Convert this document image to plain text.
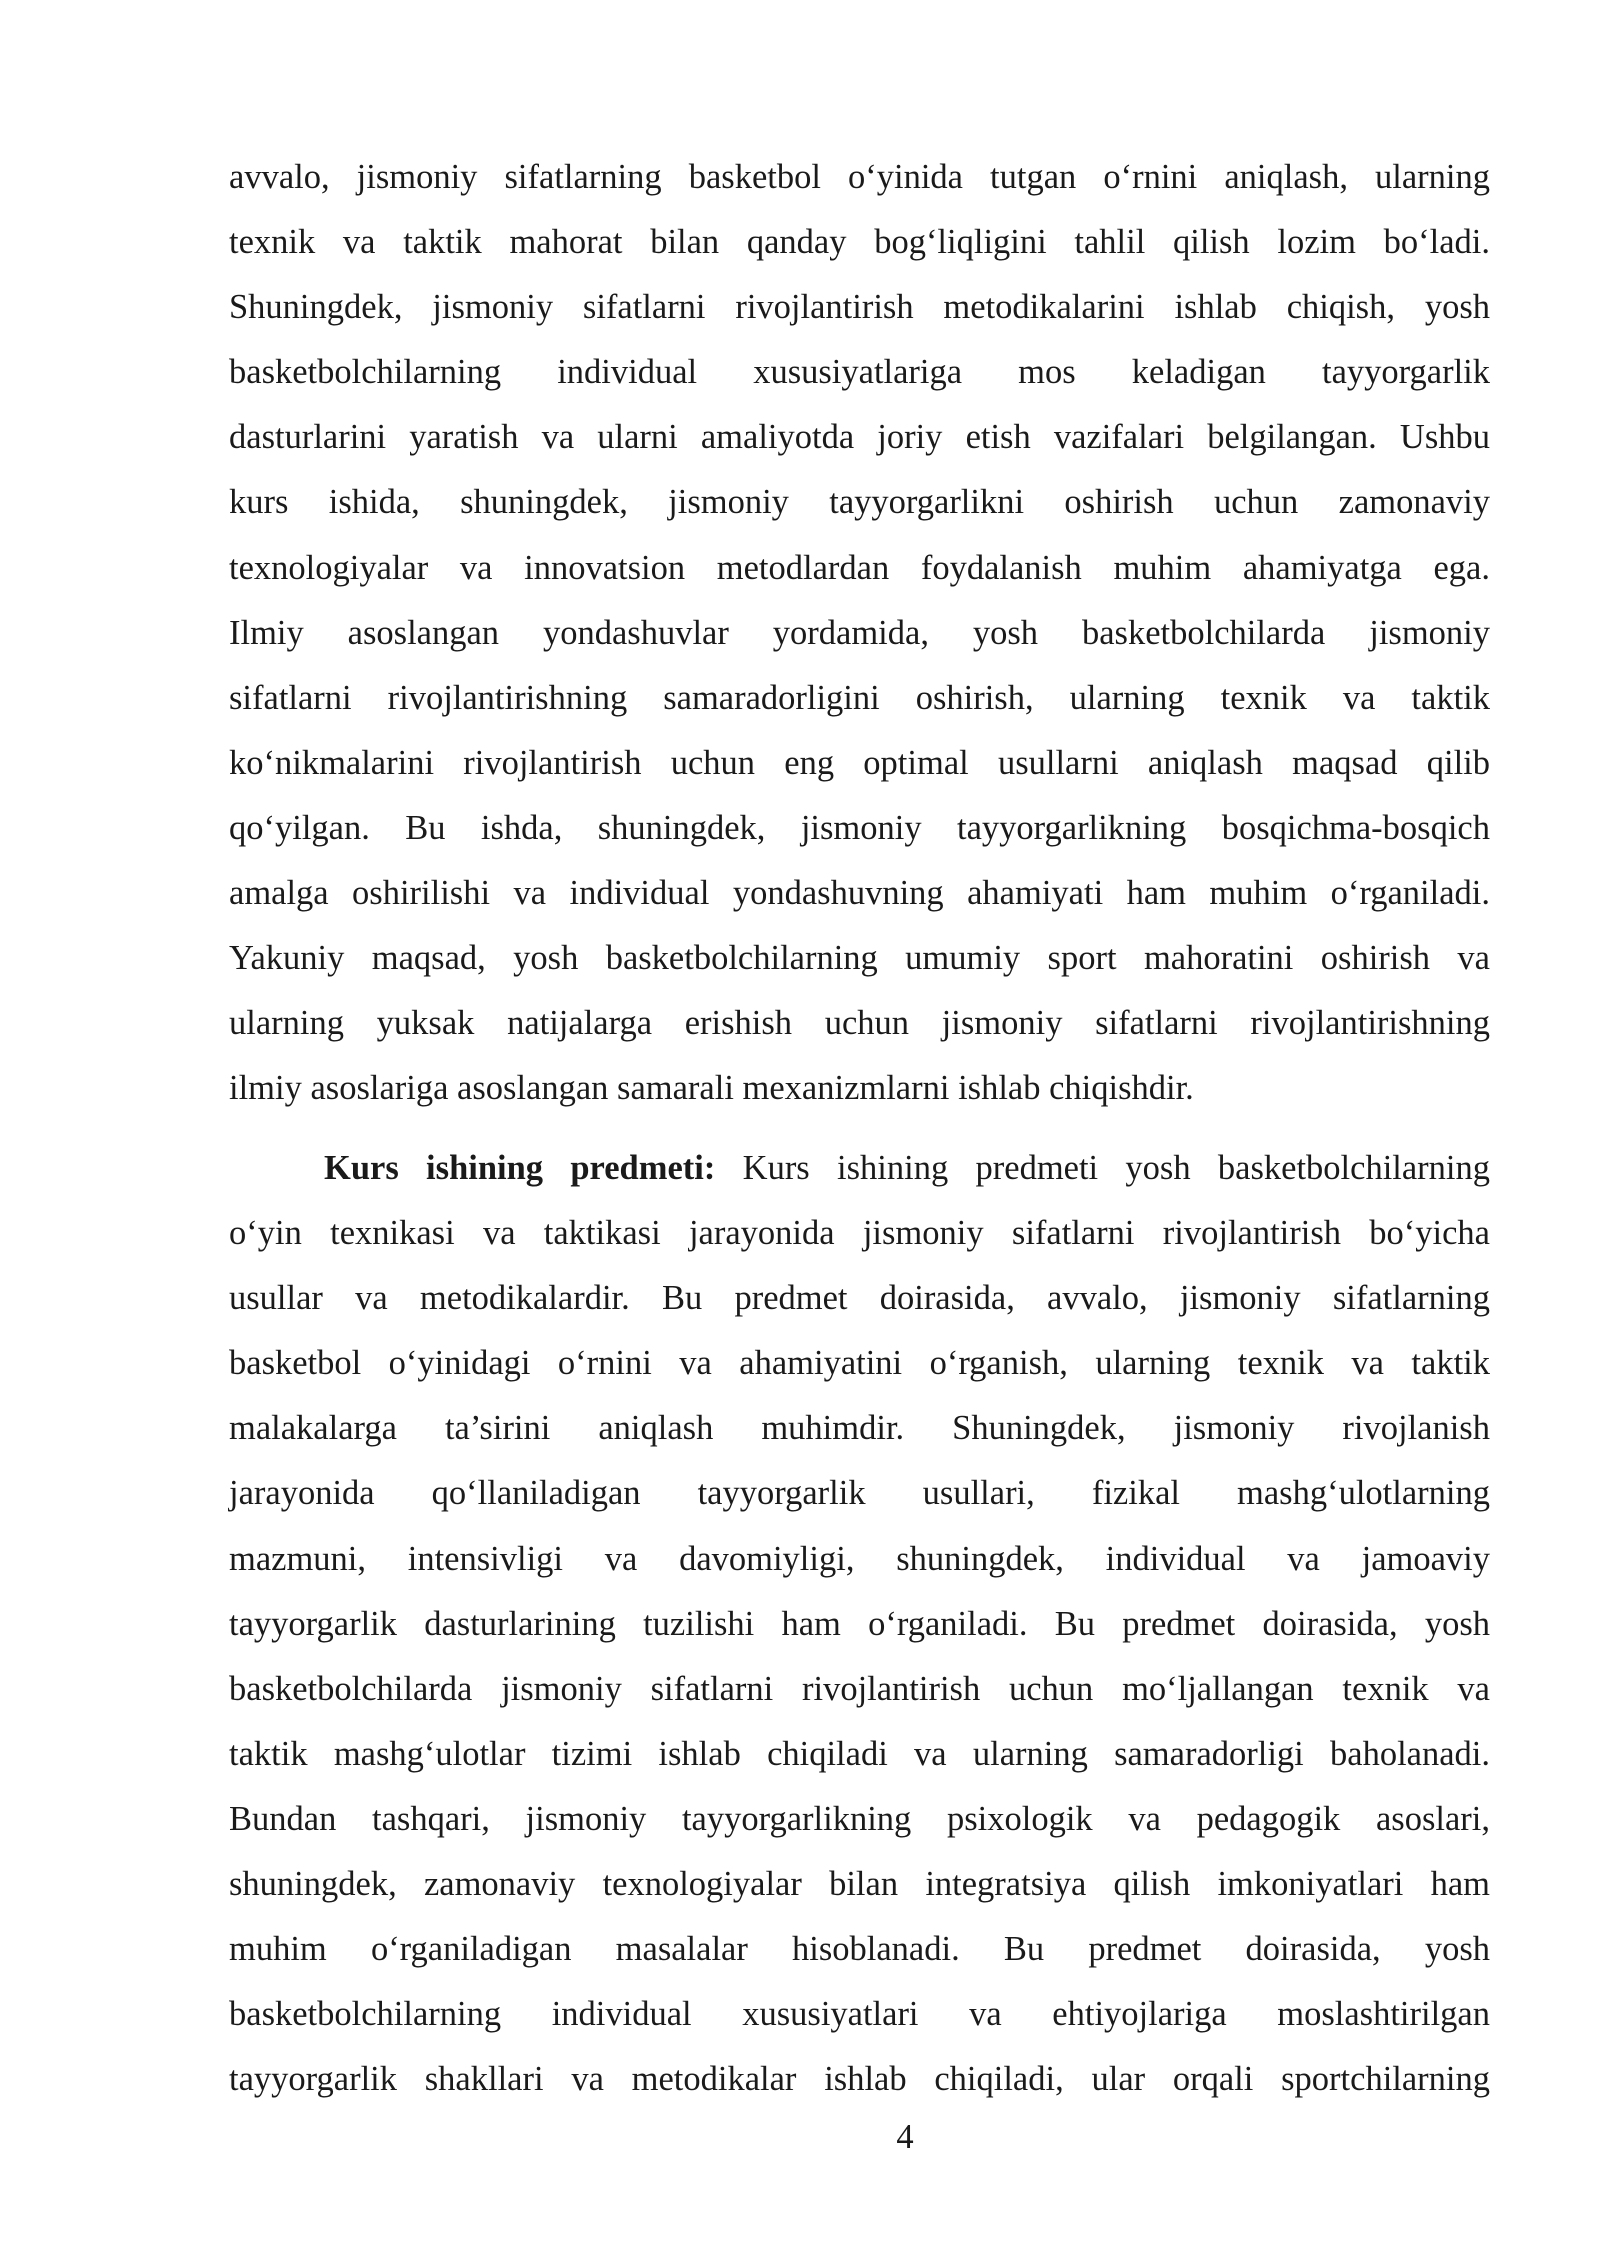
avvalo, jismoniy sifatlarning basketbol o‘yinida tutgan o‘rnini aniqlash, ularning
texnik va taktik mahorat bilan qanday bog‘liqligini tahlil qilish lozim bo‘ladi.
Shuningdek, jismoniy sifatlarni rivojlantirish metodikalarini ishlab chiqish, yosh
basketbolchilarning individual xususiyatlariga mos keladigan tayyorgarlik
dasturlarini yaratish va ularni amaliyotda joriy etish vazifalari belgilangan. Ushbu
kurs ishida, shuningdek, jismoniy tayyorgarlikni oshirish uchun zamonaviy
texnologiyalar va innovatsion metodlardan foydalanish muhim ahamiyatga ega.
Ilmiy asoslangan yondashuvlar yordamida, yosh basketbolchilarda jismoniy
sifatlarni rivojlantirishning samaradorligini oshirish, ularning texnik va taktik
ko‘nikmalarini rivojlantirish uchun eng optimal usullarni aniqlash maqsad qilib
qo‘yilgan. Bu ishda, shuningdek, jismoniy tayyorgarlikning bosqichma-bosqich
amalga oshirilishi va individual yondashuvning ahamiyati ham muhim o‘rganiladi.
Yakuniy maqsad, yosh basketbolchilarning umumiy sport mahoratini oshirish va
ularning yuksak natijalarga erishish uchun jismoniy sifatlarni rivojlantirishning
ilmiy asoslariga asoslangan samarali mexanizmlarni ishlab chiqishdir.
Kurs ishining predmeti: Kurs ishining predmeti yosh basketbolchilarning
o‘yin texnikasi va taktikasi jarayonida jismoniy sifatlarni rivojlantirish bo‘yicha
usullar va metodikalardir. Bu predmet doirasida, avvalo, jismoniy sifatlarning
basketbol o‘yinidagi o‘rnini va ahamiyatini o‘rganish, ularning texnik va taktik
malakalarga ta’sirini aniqlash muhimdir. Shuningdek, jismoniy rivojlanish
jarayonida qo‘llaniladigan tayyorgarlik usullari, fizikal mashg‘ulotlarning
mazmuni, intensivligi va davomiyligi, shuningdek, individual va jamoaviy
tayyorgarlik dasturlarining tuzilishi ham o‘rganiladi. Bu predmet doirasida, yosh
basketbolchilarda jismoniy sifatlarni rivojlantirish uchun mo‘ljallangan texnik va
taktik mashg‘ulotlar tizimi ishlab chiqiladi va ularning samaradorligi baholanadi.
Bundan tashqari, jismoniy tayyorgarlikning psixologik va pedagogik asoslari,
shuningdek, zamonaviy texnologiyalar bilan integratsiya qilish imkoniyatlari ham
muhim o‘rganiladigan masalalar hisoblanadi. Bu predmet doirasida, yosh
basketbolchilarning individual xususiyatlari va ehtiyojlariga moslashtirilgan
tayyorgarlik shakllari va metodikalar ishlab chiqiladi, ular orqali sportchilarning
4
